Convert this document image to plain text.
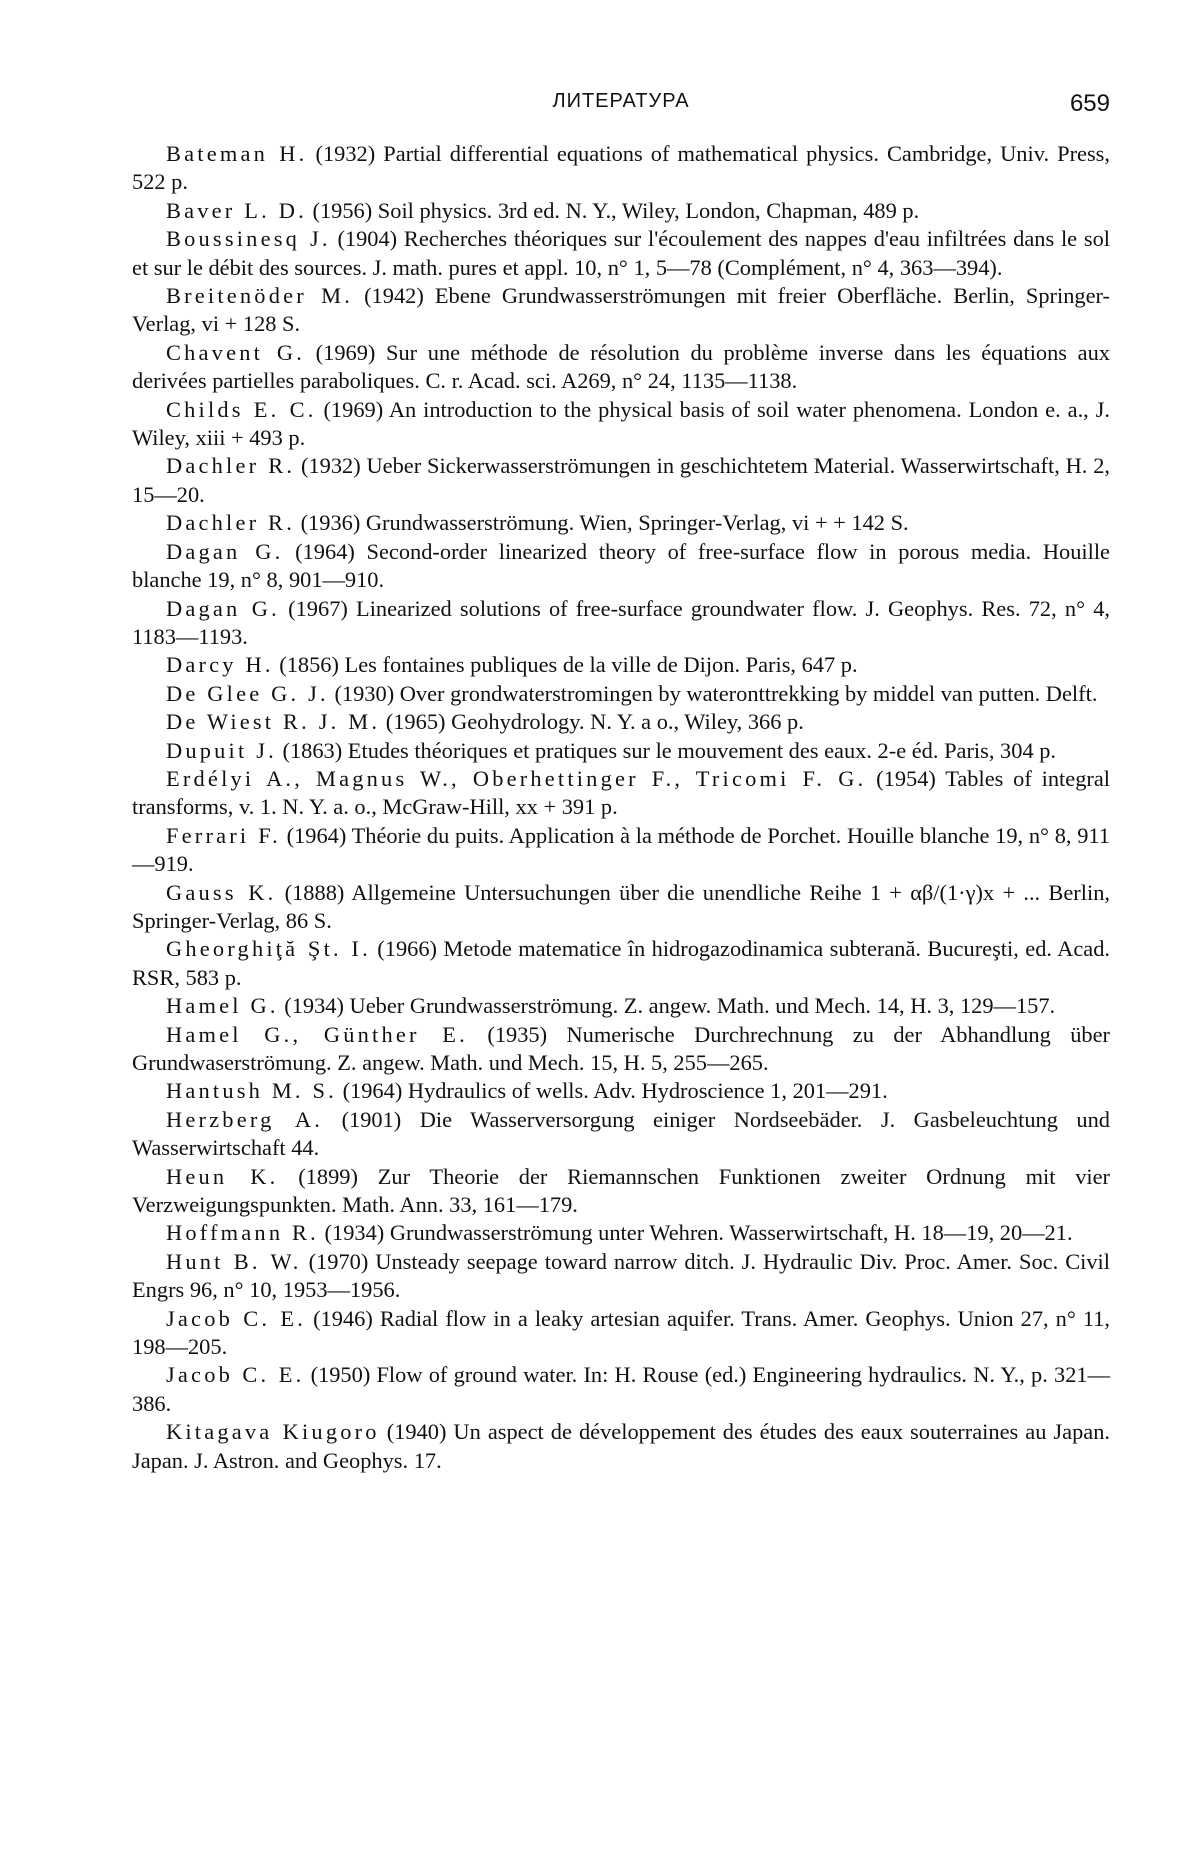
ЛИТЕРАТУРА	659

Bateman H. (1932) Partial differential equations of mathematical physics. Cambridge, Univ. Press, 522 p.

Baver L. D. (1956) Soil physics. 3rd ed. N. Y., Wiley, London, Chapman, 489 p.

Boussinesq J. (1904) Recherches théoriques sur l'écoulement des nappes d'eau infiltrées dans le sol et sur le débit des sources. J. math. pures et appl. 10, n° 1, 5—78 (Complément, n° 4, 363—394).

Breitenöder M. (1942) Ebene Grundwasserströmungen mit freier Oberfläche. Berlin, Springer-Verlag, vi + 128 S.

Chavent G. (1969) Sur une méthode de résolution du problème inverse dans les équations aux derivées partielles paraboliques. C. r. Acad. sci. A269, n° 24, 1135—1138.

Childs E. C. (1969) An introduction to the physical basis of soil water phenomena. London e. a., J. Wiley, xiii + 493 p.

Dachler R. (1932) Ueber Sickerwasserströmungen in geschichtetem Material. Wasserwirtschaft, H. 2, 15—20.

Dachler R. (1936) Grundwasserströmung. Wien, Springer-Verlag, vi + + 142 S.

Dagan G. (1964) Second-order linearized theory of free-surface flow in porous media. Houille blanche 19, n° 8, 901—910.

Dagan G. (1967) Linearized solutions of free-surface groundwater flow. J. Geophys. Res. 72, n° 4, 1183—1193.

Darcy H. (1856) Les fontaines publiques de la ville de Dijon. Paris, 647 p.

De Glee G. J. (1930) Over grondwaterstromingen by wateronttrekking by middel van putten. Delft.

De Wiest R. J. M. (1965) Geohydrology. N. Y. a o., Wiley, 366 p.

Dupuit J. (1863) Etudes théoriques et pratiques sur le mouvement des eaux. 2-e éd. Paris, 304 p.

Erdélyi A., Magnus W., Oberhettinger F., Tricomi F. G. (1954) Tables of integral transforms, v. 1. N. Y. a. o., McGraw-Hill, xx + 391 p.

Ferrari F. (1964) Théorie du puits. Application à la méthode de Porchet. Houille blanche 19, n° 8, 911—919.

Gauss K. (1888) Allgemeine Untersuchungen über die unendliche Reihe 1 + αβ/(1·γ)x + ... Berlin, Springer-Verlag, 86 S.

Gheorghiţă Şt. I. (1966) Metode matematice în hidrogazodinamica subterană. Bucureşti, ed. Acad. RSR, 583 p.

Hamel G. (1934) Ueber Grundwasserströmung. Z. angew. Math. und Mech. 14, H. 3, 129—157.

Hamel G., Günther E. (1935) Numerische Durchrechnung zu der Abhandlung über Grundwaserströmung. Z. angew. Math. und Mech. 15, H. 5, 255—265.

Hantush M. S. (1964) Hydraulics of wells. Adv. Hydroscience 1, 201—291.

Herzberg A. (1901) Die Wasserversorgung einiger Nordseebäder. J. Gasbeleuchtung und Wasserwirtschaft 44.

Heun K. (1899) Zur Theorie der Riemannschen Funktionen zweiter Ordnung mit vier Verzweigungspunkten. Math. Ann. 33, 161—179.

Hoffmann R. (1934) Grundwasserströmung unter Wehren. Wasserwirtschaft, H. 18—19, 20—21.

Hunt B. W. (1970) Unsteady seepage toward narrow ditch. J. Hydraulic Div. Proc. Amer. Soc. Civil Engrs 96, n° 10, 1953—1956.

Jacob C. E. (1946) Radial flow in a leaky artesian aquifer. Trans. Amer. Geophys. Union 27, n° 11, 198—205.

Jacob C. E. (1950) Flow of ground water. In: H. Rouse (ed.) Engineering hydraulics. N. Y., p. 321—386.

Kitagava Kiugoro (1940) Un aspect de développement des études des eaux souterraines au Japan. Japan. J. Astron. and Geophys. 17.
